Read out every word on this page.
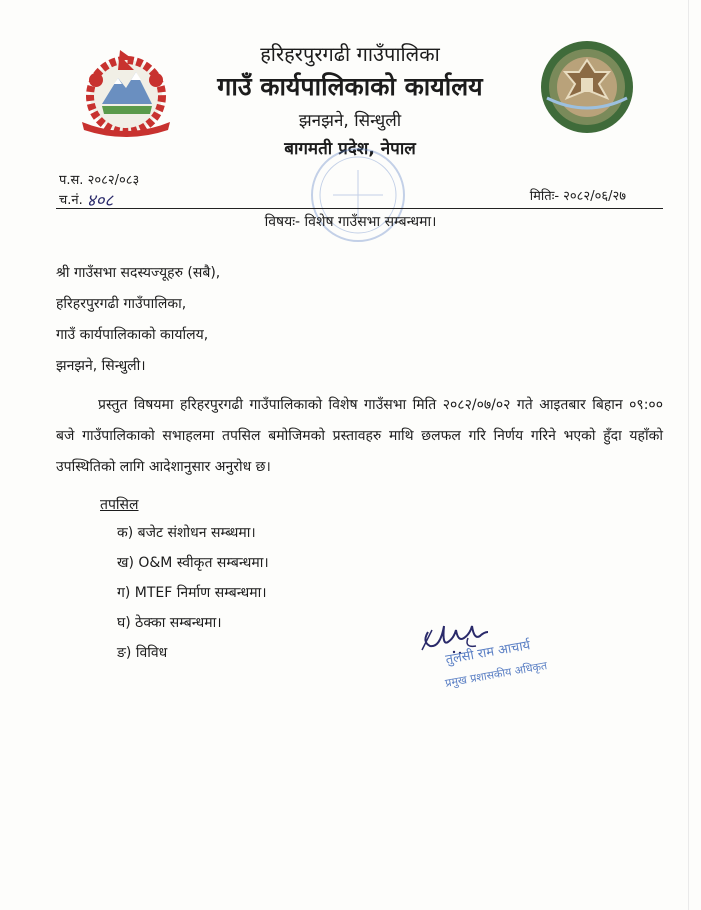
हरिहरपुरगढी गाउँपालिका
गाउँ कार्यपालिकाको कार्यालय
झनझने, सिन्धुली
बागमती प्रदेश, नेपाल
प.स. २०८२/०८३
च.नं. ४०८	मितिः- २०८२/०६/२७
विषयः- विशेष गाउँसभा सम्बन्धमा।
श्री गाउँसभा सदस्यज्यूहरु (सबै),
हरिहरपुरगढी गाउँपालिका,
गाउँ कार्यपालिकाको कार्यालय,
झनझने, सिन्धुली।
प्रस्तुत विषयमा हरिहरपुरगढी गाउँपालिकाको विशेष गाउँसभा मिति २०८२/०७/०२ गते आइतबार बिहान ०९:०० बजे गाउँपालिकाको सभाहलमा तपसिल बमोजिमको प्रस्तावहरु माथि छलफल गरि निर्णय गरिने भएको हुँदा यहाँको उपस्थितिको लागि आदेशानुसार अनुरोध छ।
तपसिल
क) बजेट संशोधन सम्ब्धमा।
ख) O&M स्वीकृत सम्बन्धमा।
ग) MTEF निर्माण सम्बन्धमा।
घ) ठेक्का सम्बन्धमा।
ङ) विविध	तुलसी राम आचार्य
प्रमुख प्रशासकीय अधिकृत
